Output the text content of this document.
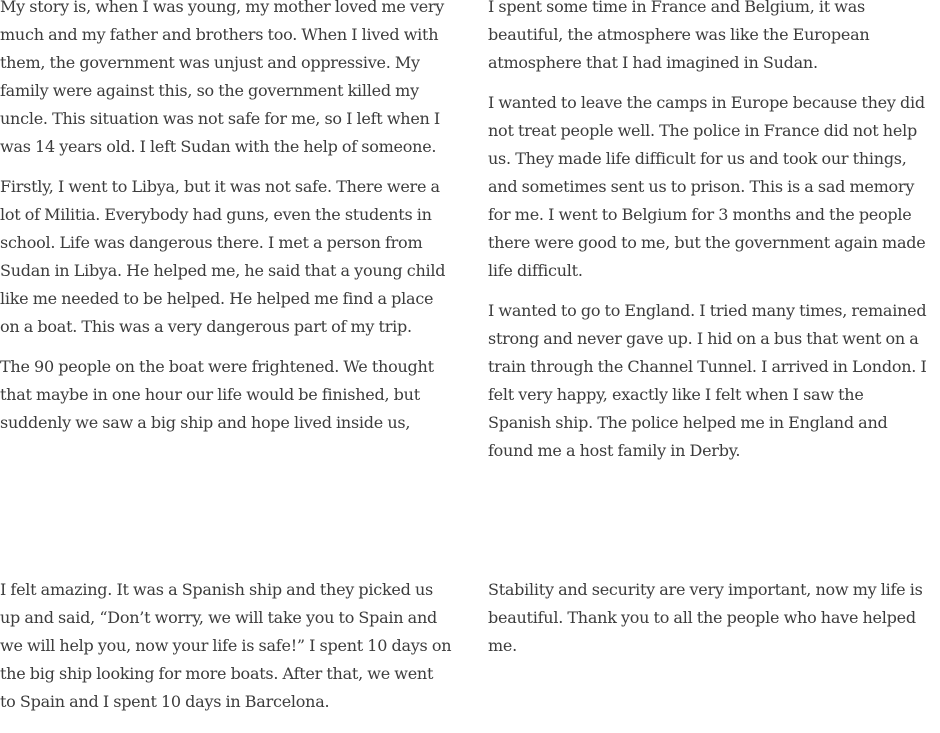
My story is, when I was young, my mother loved me very much and my father and brothers too. When I lived with them, the government was unjust and oppressive. My family were against this, so the government killed my uncle. This situation was not safe for me, so I left when I was 14 years old. I left Sudan with the help of someone.

Firstly, I went to Libya, but it was not safe. There were a lot of Militia. Everybody had guns, even the students in school. Life was dangerous there. I met a person from Sudan in Libya. He helped me, he said that a young child like me needed to be helped. He helped me find a place on a boat. This was a very dangerous part of my trip.

The 90 people on the boat were frightened. We thought that maybe in one hour our life would be finished, but suddenly we saw a big ship and hope lived inside us,

I spent some time in France and Belgium, it was beautiful, the atmosphere was like the European atmosphere that I had imagined in Sudan.

I wanted to leave the camps in Europe because they did not treat people well. The police in France did not help us. They made life difficult for us and took our things, and sometimes sent us to prison. This is a sad memory for me. I went to Belgium for 3 months and the people there were good to me, but the government again made life difficult.

I wanted to go to England. I tried many times, remained strong and never gave up. I hid on a bus that went on a train through the Channel Tunnel. I arrived in London. I felt very happy, exactly like I felt when I saw the Spanish ship. The police helped me in England and found me a host family in Derby.

I felt amazing. It was a Spanish ship and they picked us up and said, “Don’t worry, we will take you to Spain and we will help you, now your life is safe!” I spent 10 days on the big ship looking for more boats. After that, we went to Spain and I spent 10 days in Barcelona.

Stability and security are very important, now my life is beautiful. Thank you to all the people who have helped me.
